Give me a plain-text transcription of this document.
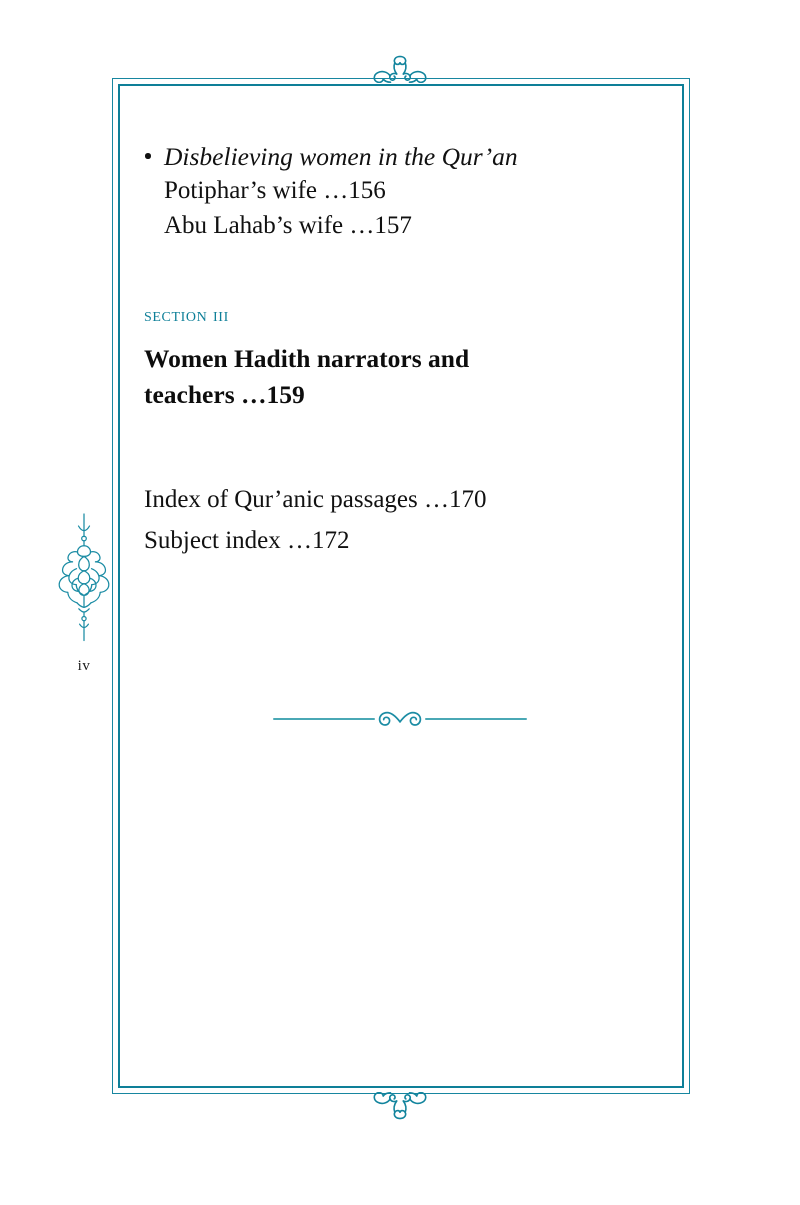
iv
Disbelieving women in the Qur’an
Potiphar’s wife …156
Abu Lahab’s wife …157
section iii
Women Hadith narrators and teachers …159
Index of Qur’anic passages …170
Subject index …172
